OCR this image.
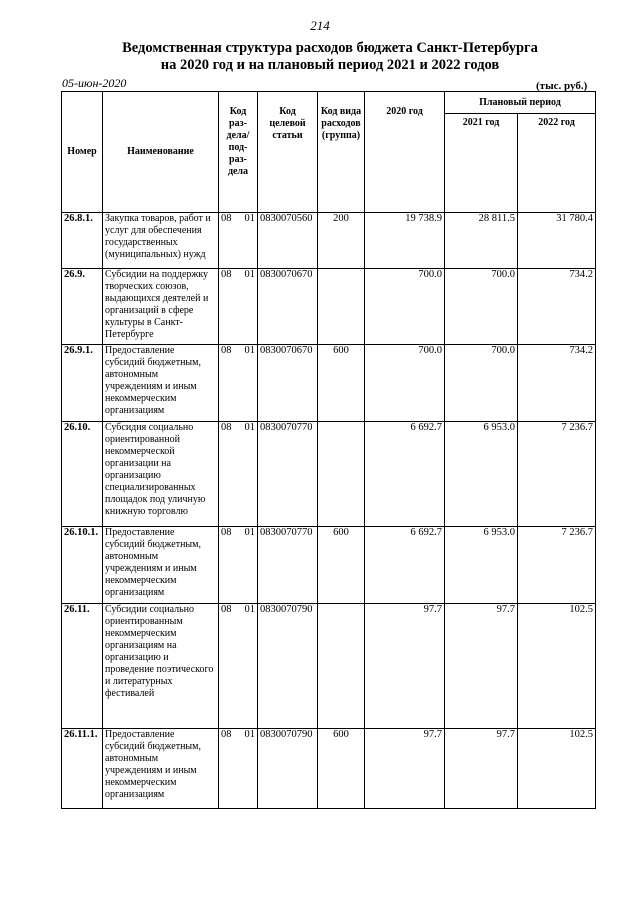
214
Ведомственная структура расходов бюджета Санкт-Петербурга
на 2020 год и на плановый период 2021 и 2022 годов
05-июн-2020	(тыс. руб.)
Номер	Наименование	Код раз-дела/ под-раз-дела	Код целевой статьи	Код вида расходов (группа)	2020 год	Плановый период	
						2021 год	2022 год
26.8.1.	Закупка товаров, работ и услуг для обеспечения государственных (муниципальных) нужд	08 01	0830070560	200	19 738.9	28 811.5	31 780.4
26.9.	Субсидии на поддержку творческих союзов, выдающихся деятелей и организаций в сфере культуры в Санкт-Петербурге	08 01	0830070670		700.0	700.0	734.2
26.9.1.	Предоставление субсидий бюджетным, автономным учреждениям и иным некоммерческим организациям	08 01	0830070670	600	700.0	700.0	734.2
26.10.	Субсидия социально ориентированной некоммерческой организации на организацию специализированных площадок под уличную книжную торговлю	08 01	0830070770		6 692.7	6 953.0	7 236.7
26.10.1.	Предоставление субсидий бюджетным, автономным учреждениям и иным некоммерческим организациям	08 01	0830070770	600	6 692.7	6 953.0	7 236.7
26.11.	Субсидии социально ориентированным некоммерческим организациям на организацию и проведение поэтического и литературных фестивалей	08 01	0830070790		97.7	97.7	102.5
26.11.1.	Предоставление субсидий бюджетным, автономным учреждениям и иным некоммерческим организациям	08 01	0830070790	600	97.7	97.7	102.5
